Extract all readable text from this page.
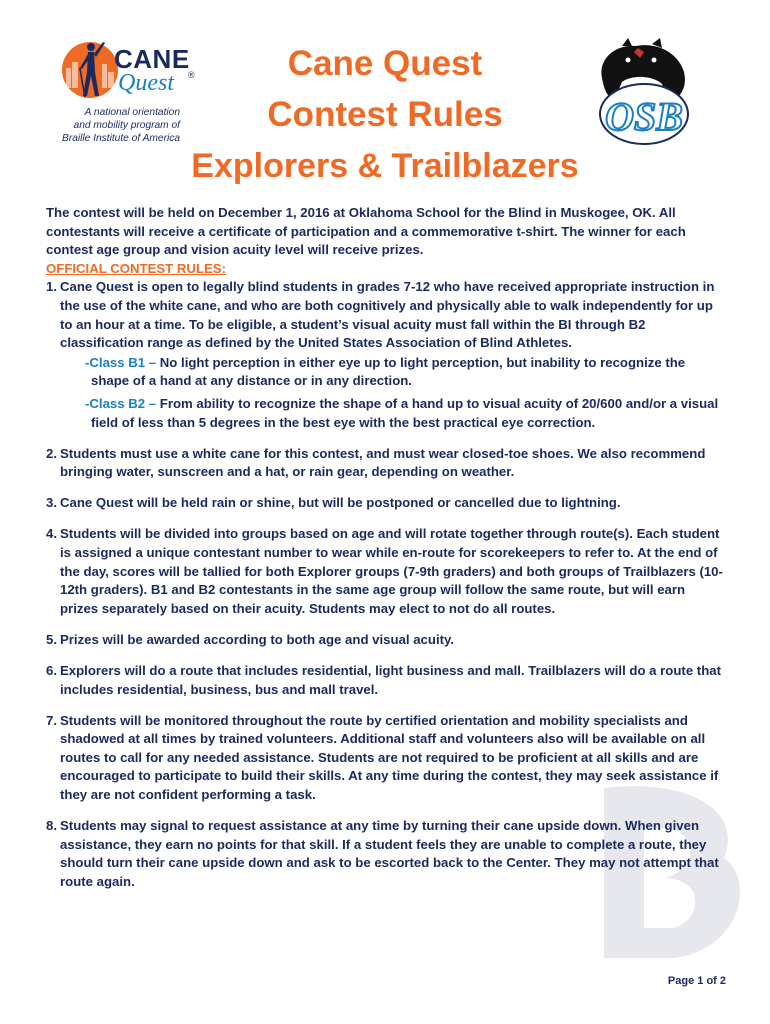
CANE
Quest ®
A national orientation
and mobility program of
Braille Institute of America
Cane Quest
Contest Rules
Explorers & Trailblazers
OSB

The contest will be held on December 1, 2016 at Oklahoma School for the Blind in Muskogee, OK. All contestants will receive a certificate of participation and a commemorative t-shirt. The winner for each contest age group and vision acuity level will receive prizes.

OFFICIAL CONTEST RULES:

1. Cane Quest is open to legally blind students in grades 7-12 who have received appropriate instruction in the use of the white cane, and who are both cognitively and physically able to walk independently for up to an hour at a time. To be eligible, a student’s visual acuity must fall within the BI through B2 classification range as defined by the United States Association of Blind Athletes.

-Class B1 – No light perception in either eye up to light perception, but inability to recognize the shape of a hand at any distance or in any direction.

-Class B2 – From ability to recognize the shape of a hand up to visual acuity of 20/600 and/or a visual field of less than 5 degrees in the best eye with the best practical eye correction.

2. Students must use a white cane for this contest, and must wear closed-toe shoes. We also recommend bringing water, sunscreen and a hat, or rain gear, depending on weather.
3. Cane Quest will be held rain or shine, but will be postponed or cancelled due to lightning.
4. Students will be divided into groups based on age and will rotate together through route(s). Each student is assigned a unique contestant number to wear while en-route for scorekeepers to refer to. At the end of the day, scores will be tallied for both Explorer groups (7-9th graders) and both groups of Trailblazers (10-12th graders). B1 and B2 contestants in the same age group will follow the same route, but will earn prizes separately based on their acuity. Students may elect to not do all routes.
5. Prizes will be awarded according to both age and visual acuity.
6. Explorers will do a route that includes residential, light business and mall. Trailblazers will do a route that includes residential, business, bus and mall travel.
7. Students will be monitored throughout the route by certified orientation and mobility specialists and shadowed at all times by trained volunteers. Additional staff and volunteers also will be available on all routes to call for any needed assistance. Students are not required to be proficient at all skills and are encouraged to participate to build their skills. At any time during the contest, they may seek assistance if they are not confident performing a task.
8. Students may signal to request assistance at any time by turning their cane upside down. When given assistance, they earn no points for that skill. If a student feels they are unable to complete a route, they should turn their cane upside down and ask to be escorted back to the Center. They may not attempt that route again.
Page 1 of 2
